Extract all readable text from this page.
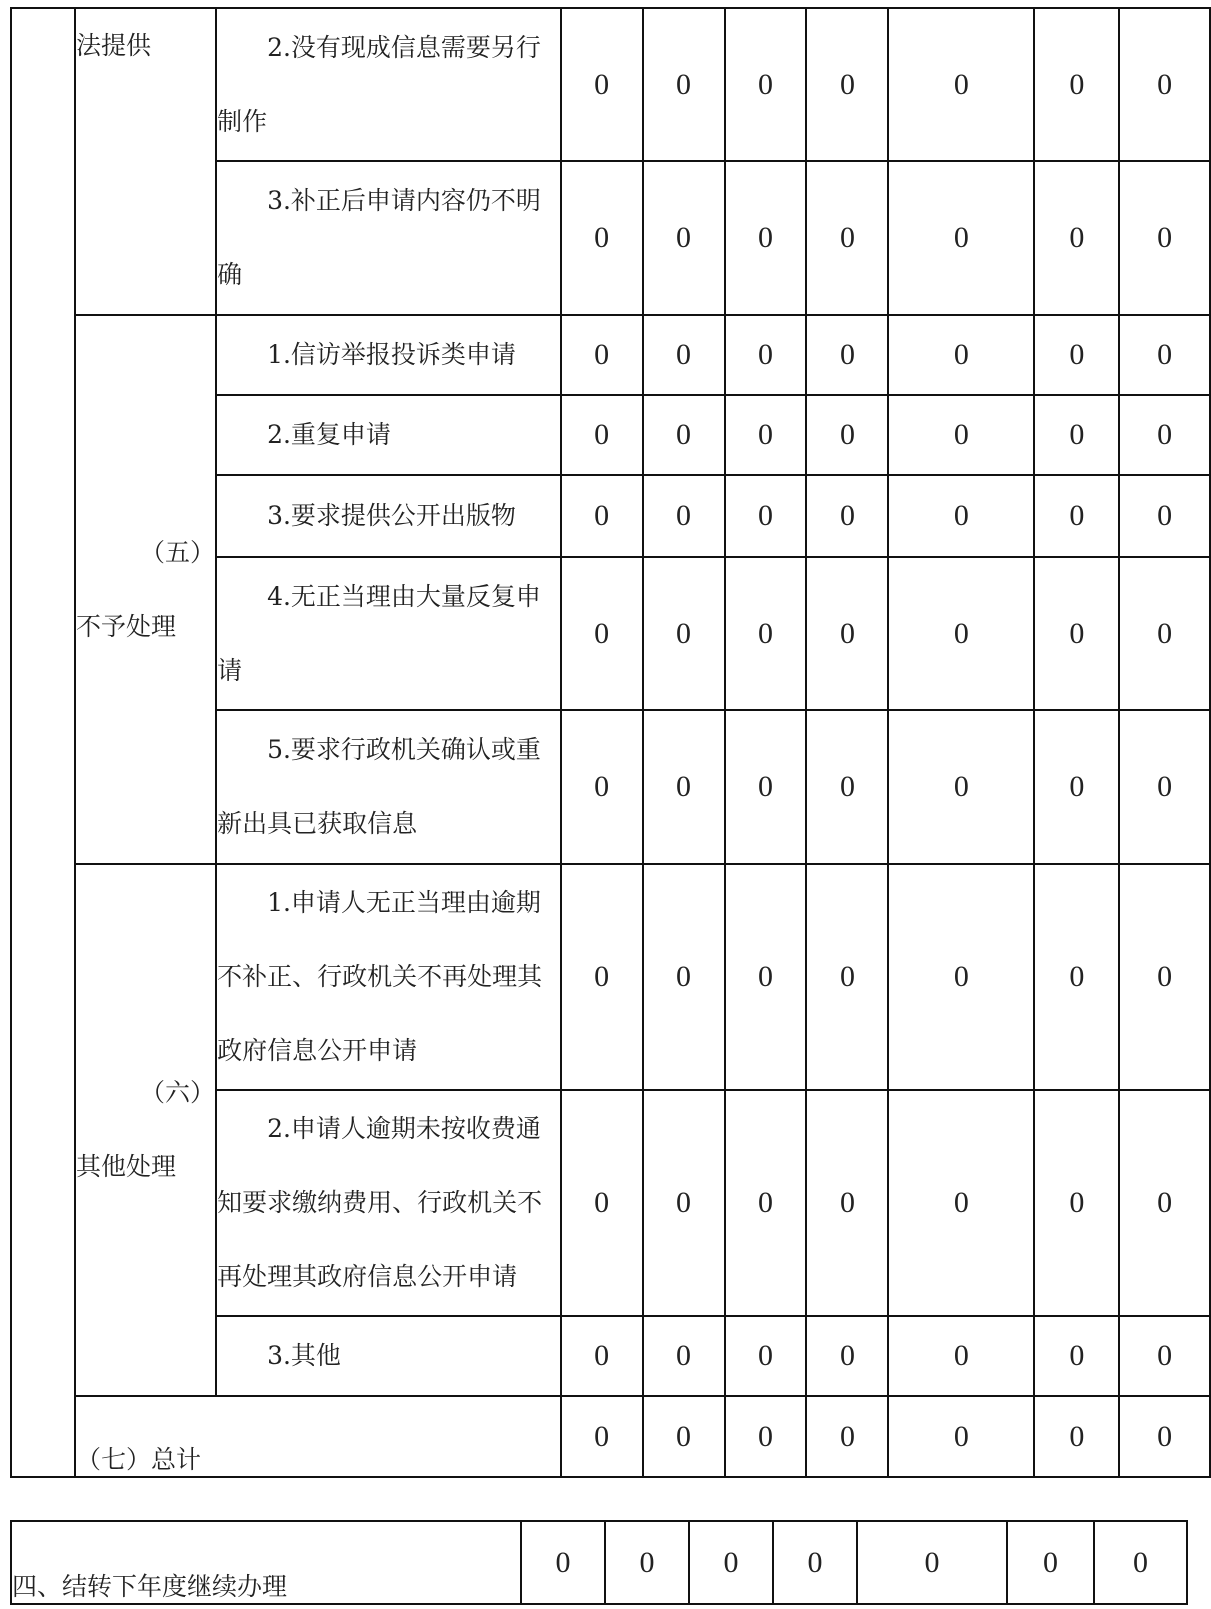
	法提供	2.没有现成信息需要另行制作	0	0	0	0	0	0	0

		3.补正后申请内容仍不明确	0	0	0	0	0	0	0
	（五）不予处理	1.信访举报投诉类申请	0	0	0	0	0	0	0

		2.重复申请	0	0	0	0	0	0	0

		3.要求提供公开出版物	0	0	0	0	0	0	0

		4.无正当理由大量反复申请	0	0	0	0	0	0	0

		5.要求行政机关确认或重新出具已获取信息	0	0	0	0	0	0	0
	（六）其他处理	1.申请人无正当理由逾期不补正、行政机关不再处理其政府信息公开申请	0	0	0	0	0	0	0

		2.申请人逾期未按收费通知要求缴纳费用、行政机关不再处理其政府信息公开申请	0	0	0	0	0	0	0

		3.其他	0	0	0	0	0	0	0
	（七）总计		0	0	0	0	0	0	0
四、结转下年度继续办理	0	0	0	0	0	0	0
